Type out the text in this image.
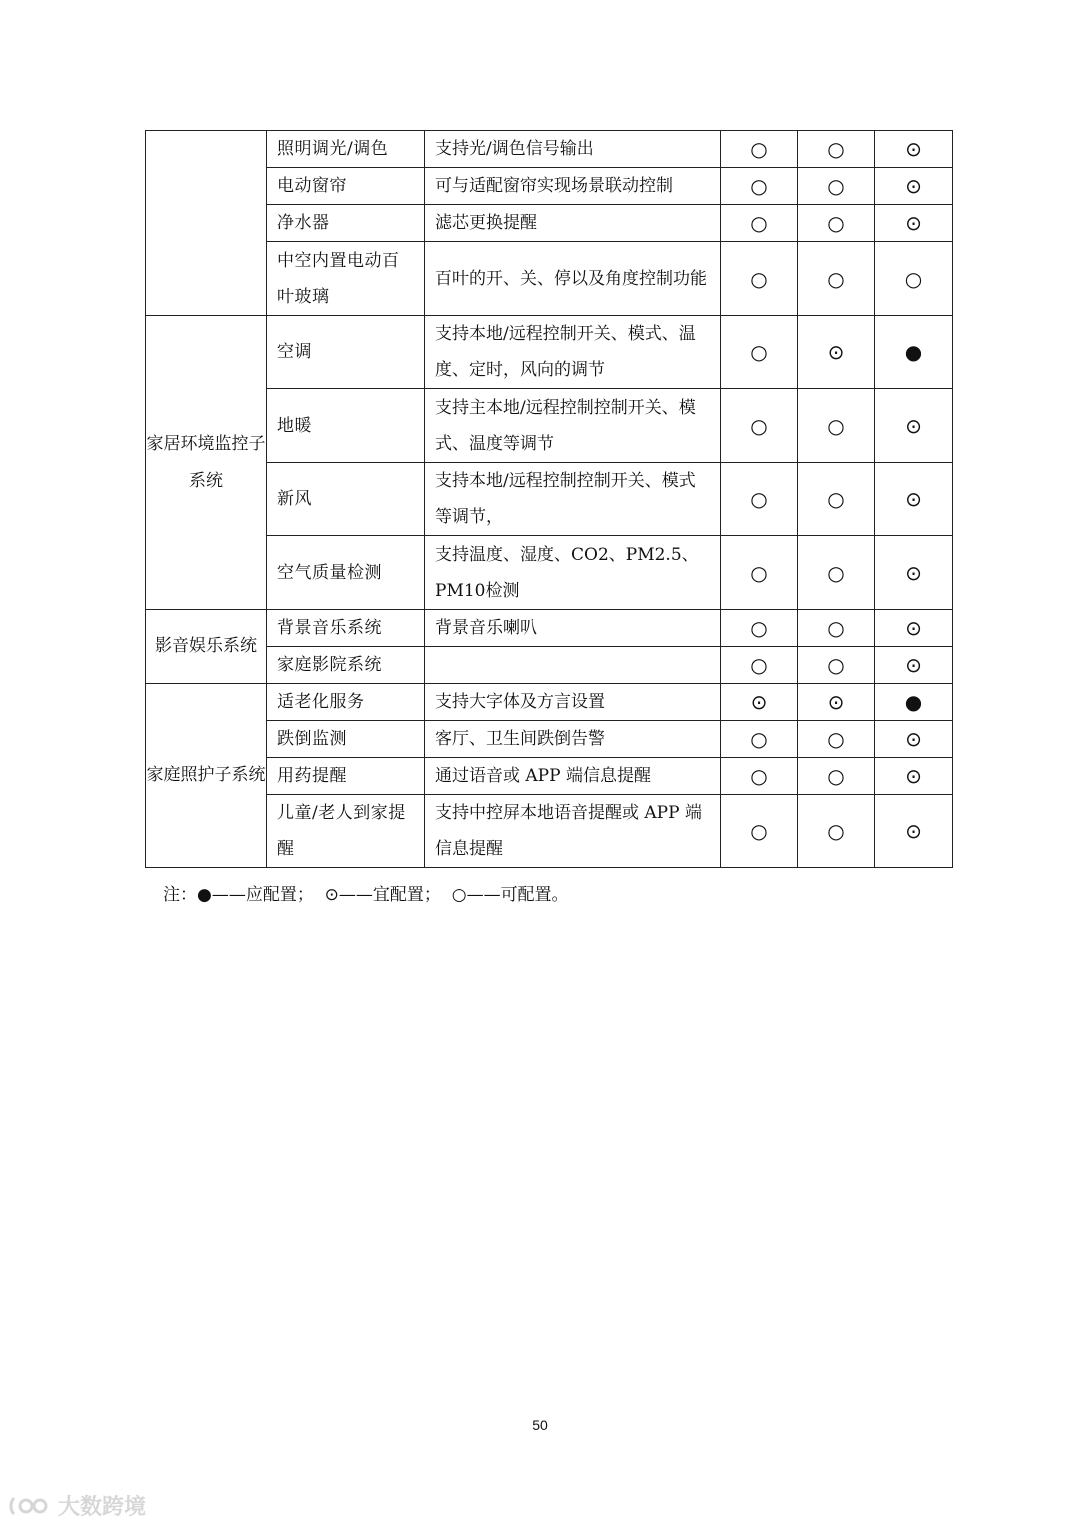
	照明调光/调色	支持光/调色信号输出	○	○	⊙
	电动窗帘	可与适配窗帘实现场景联动控制	○	○	⊙
	净水器	滤芯更换提醒	○	○	⊙
	中空内置电动百叶玻璃	百叶的开、关、停以及角度控制功能	○	○	○
家居环境监控子系统	空调	支持本地/远程控制开关、模式、温度、定时，风向的调节	○	⊙	●
	地暖	支持主本地/远程控制控制开关、模式、温度等调节	○	○	⊙
	新风	支持本地/远程控制控制开关、模式等调节，	○	○	⊙
	空气质量检测	支持温度、湿度、CO2、PM2.5、PM10检测	○	○	⊙
影音娱乐系统	背景音乐系统	背景音乐喇叭	○	○	⊙
	家庭影院系统		○	○	⊙
家庭照护子系统	适老化服务	支持大字体及方言设置	⊙	⊙	●
	跌倒监测	客厅、卫生间跌倒告警	○	○	⊙
	用药提醒	通过语音或 APP 端信息提醒	○	○	⊙
	儿童/老人到家提醒	支持中控屏本地语音提醒或 APP 端信息提醒	○	○	⊙
注：●——应配置； ⊙——宜配置； ○——可配置。
50
大数跨境
